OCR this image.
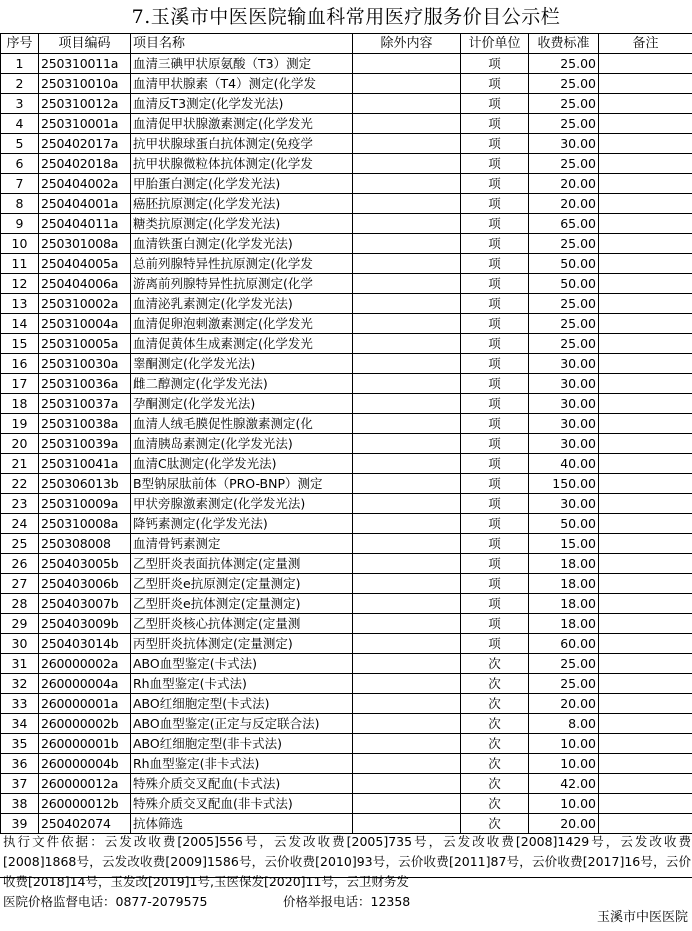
7.玉溪市中医医院输血科常用医疗服务价目公示栏
序号	项目编码	项目名称	除外内容	计价单位	收费标准	备注
1	250310011a	血清三碘甲状原氨酸（T3）测定		项	25.00	
2	250310010a	血清甲状腺素（T4）测定(化学发		项	25.00	
3	250310012a	血清反T3测定(化学发光法)		项	25.00	
4	250310001a	血清促甲状腺激素测定(化学发光		项	25.00	
5	250402017a	抗甲状腺球蛋白抗体测定(免疫学		项	30.00	
6	250402018a	抗甲状腺微粒体抗体测定(化学发		项	25.00	
7	250404002a	甲胎蛋白测定(化学发光法)		项	20.00	
8	250404001a	癌胚抗原测定(化学发光法)		项	20.00	
9	250404011a	糖类抗原测定(化学发光法)		项	65.00	
10	250301008a	血清铁蛋白测定(化学发光法)		项	25.00	
11	250404005a	总前列腺特异性抗原测定(化学发		项	50.00	
12	250404006a	游离前列腺特异性抗原测定(化学		项	50.00	
13	250310002a	血清泌乳素测定(化学发光法)		项	25.00	
14	250310004a	血清促卵泡刺激素测定(化学发光		项	25.00	
15	250310005a	血清促黄体生成素测定(化学发光		项	25.00	
16	250310030a	睾酮测定(化学发光法)		项	30.00	
17	250310036a	雌二醇测定(化学发光法)		项	30.00	
18	250310037a	孕酮测定(化学发光法)		项	30.00	
19	250310038a	血清人绒毛膜促性腺激素测定(化		项	30.00	
20	250310039a	血清胰岛素测定(化学发光法)		项	30.00	
21	250310041a	血清C肽测定(化学发光法)		项	40.00	
22	250306013b	B型钠尿肽前体（PRO-BNP）测定		项	150.00	
23	250310009a	甲状旁腺激素测定(化学发光法)		项	30.00	
24	250310008a	降钙素测定(化学发光法)		项	50.00	
25	250308008	血清骨钙素测定		项	15.00	
26	250403005b	乙型肝炎表面抗体测定(定量测		项	18.00	
27	250403006b	乙型肝炎e抗原测定(定量测定)		项	18.00	
28	250403007b	乙型肝炎e抗体测定(定量测定)		项	18.00	
29	250403009b	乙型肝炎核心抗体测定(定量测		项	18.00	
30	250403014b	丙型肝炎抗体测定(定量测定)		项	60.00	
31	260000002a	ABO血型鉴定(卡式法)		次	25.00	
32	260000004a	Rh血型鉴定(卡式法)		次	25.00	
33	260000001a	ABO红细胞定型(卡式法)		次	20.00	
34	260000002b	ABO血型鉴定(正定与反定联合法)		次	8.00	
35	260000001b	ABO红细胞定型(非卡式法)		次	10.00	
36	260000004b	Rh血型鉴定(非卡式法)		次	10.00	
37	260000012a	特殊介质交叉配血(卡式法)		次	42.00	
38	260000012b	特殊介质交叉配血(非卡式法)		次	10.00	
39	250402074	抗体筛选		次	20.00	
执行文件依据：云发改收费[2005]556号，云发改收费[2005]735号，云发改收费[2008]1429号，云发改收费[2008]1868号，云发改收费[2009]1586号，云价收费[2010]93号，云价收费[2011]87号，云价收费[2017]16号，云价收费[2018]14号，玉发改[2019]1号,玉医保发[2020]11号，云卫财务发
医院价格监督电话：0877-2079575	价格举报电话：12358
玉溪市中医医院
